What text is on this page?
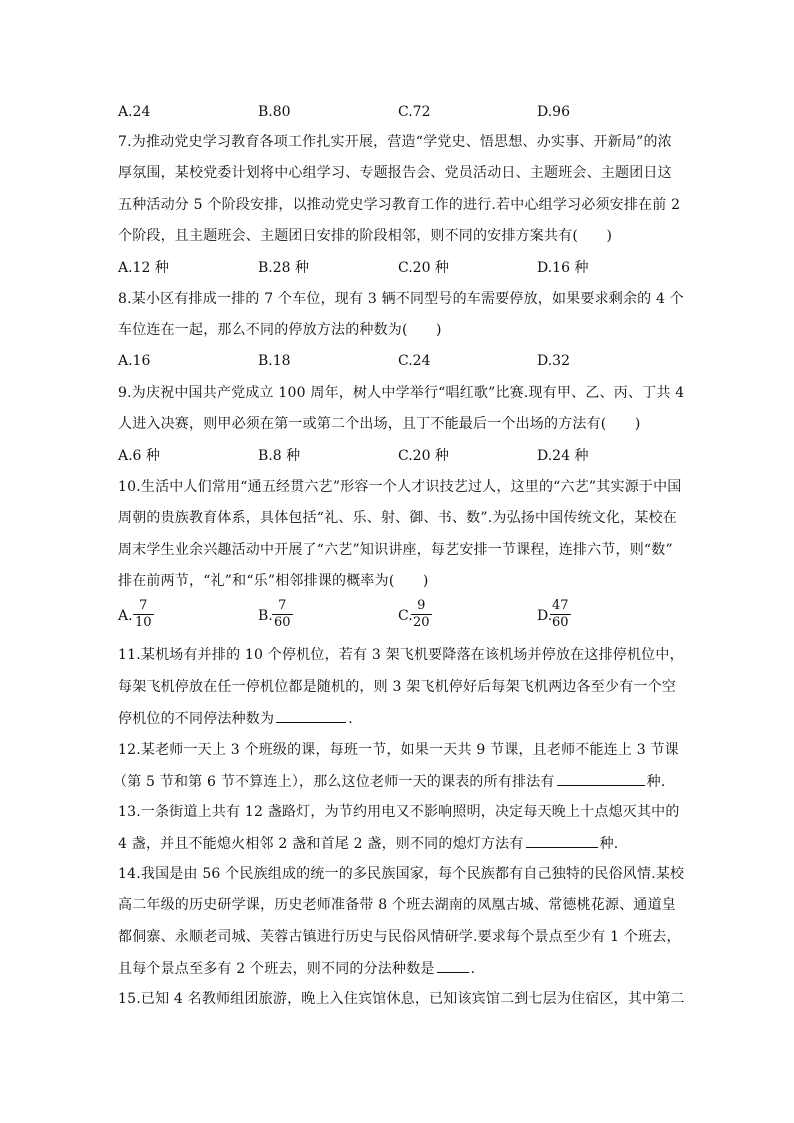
A.24	B.80	C.72	D.96
7.为推动党史学习教育各项工作扎实开展，营造“学党史、悟思想、办实事、开新局”的浓
厚氛围，某校党委计划将中心组学习、专题报告会、党员活动日、主题班会、主题团日这
五种活动分 5 个阶段安排，以推动党史学习教育工作的进行.若中心组学习必须安排在前 2
个阶段，且主题班会、主题团日安排的阶段相邻，则不同的安排方案共有(　　)
A.12 种	B.28 种	C.20 种	D.16 种
8.某小区有排成一排的 7 个车位，现有 3 辆不同型号的车需要停放，如果要求剩余的 4 个
车位连在一起，那么不同的停放方法的种数为(　　)
A.16	B.18	C.24	D.32
9.为庆祝中国共产党成立 100 周年，树人中学举行“唱红歌”比赛.现有甲、乙、丙、丁共 4
人进入决赛，则甲必须在第一或第二个出场，且丁不能最后一个出场的方法有(　　)
A.6 种	B.8 种	C.20 种	D.24 种
10.生活中人们常用“通五经贯六艺”形容一个人才识技艺过人，这里的“六艺”其实源于中国
周朝的贵族教育体系，具体包括“礼、乐、射、御、书、数”.为弘扬中国传统文化，某校在
周末学生业余兴趣活动中开展了“六艺”知识讲座，每艺安排一节课程，连排六节，则“数”
排在前两节，“礼”和“乐”相邻排课的概率为(　　)
A. $\frac{7}{10}$	B. $\frac{7}{60}$	C.
$\frac{9}{20}$	D.
$\frac{47}{60}$
11.某机场有并排的 10 个停机位，若有 3 架飞机要降落在该机场并停放在这排停机位中，
每架飞机停放在任一停机位都是随机的，则 3 架飞机停好后每架飞机两边各至少有一个空
停机位的不同停法种数为	.
12.某老师一天上 3 个班级的课，每班一节，如果一天共 9 节课，且老师不能连上 3 节课
（第 5 节和第 6 节不算连上），那么这位老师一天的课表的所有排法有	种.
13.一条街道上共有 12 盏路灯，为节约用电又不影响照明，决定每天晚上十点熄灭其中的
4 盏，并且不能熄火相邻 2 盏和首尾 2 盏，则不同的熄灯方法有	种.
14.我国是由 56 个民族组成的统一的多民族国家，每个民族都有自己独特的民俗风情.某校
高二年级的历史研学课，历史老师准备带 8 个班去湖南的凤凰古城、常德桃花源、通道皇
都侗寨、永顺老司城、芙蓉古镇进行历史与民俗风情研学.要求每个景点至少有 1 个班去，
且每个景点至多有 2 个班去，则不同的分法种数是	.
15.已知 4 名教师组团旅游，晚上入住宾馆休息，已知该宾馆二到七层为住宿区，其中第二
